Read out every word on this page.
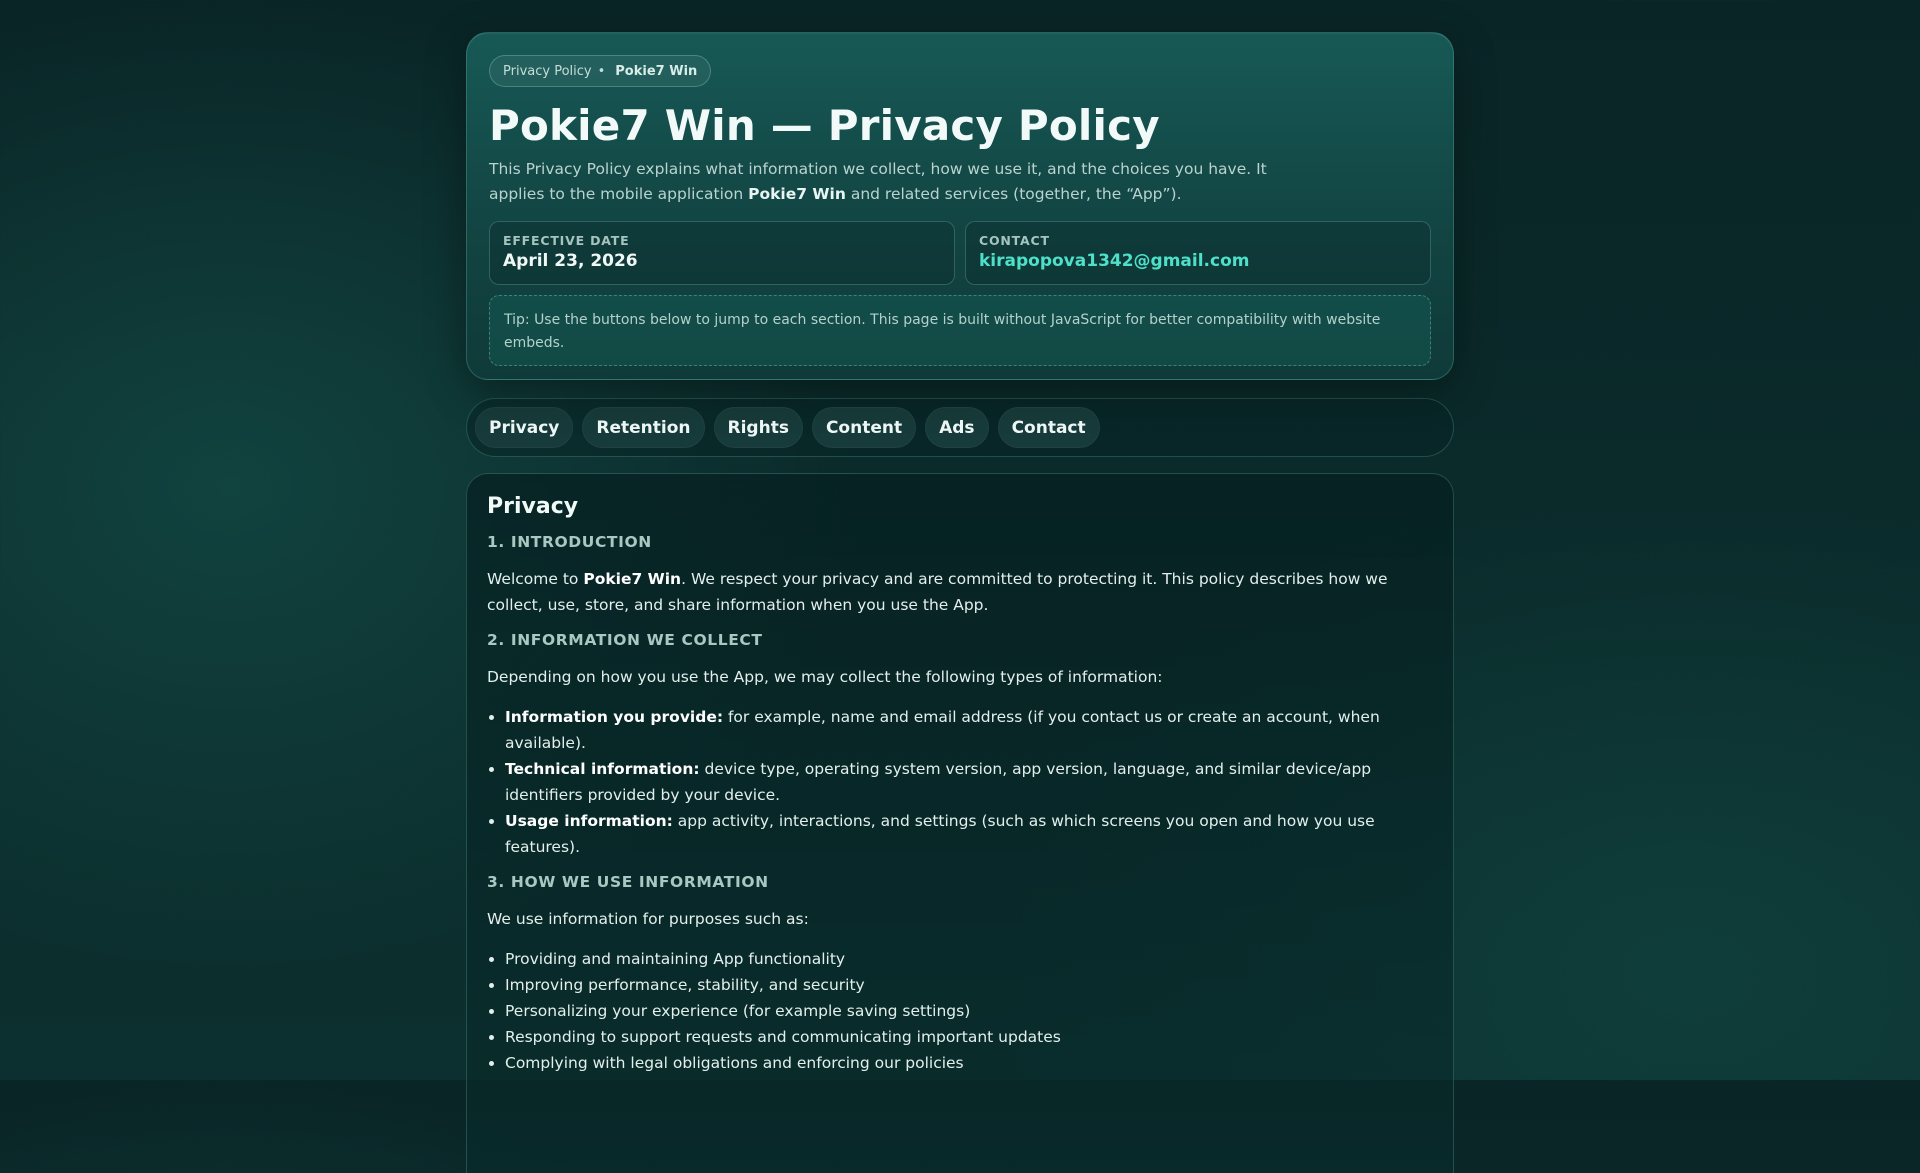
Privacy Policy • Pokie7 Win
Pokie7 Win — Privacy Policy

This Privacy Policy explains what information we collect, how we use it, and the choices you have. It applies to the mobile application Pokie7 Win and related services (together, the “App”).

EFFECTIVE DATE
April 23, 2026
CONTACT
kirapopova1342@gmail.com
Tip: Use the buttons below to jump to each section. This page is built without JavaScript for better compatibility with website embeds.
Privacy	Retention	Rights	Content	Ads	Contact
Privacy
1. INTRODUCTION

Welcome to Pokie7 Win. We respect your privacy and are committed to protecting it. This policy describes how we collect, use, store, and share information when you use the App.

2. INFORMATION WE COLLECT

Depending on how you use the App, we may collect the following types of information:

• Information you provide: for example, name and email address (if you contact us or create an account, when available).
• Technical information: device type, operating system version, app version, language, and similar device/app identifiers provided by your device.
• Usage information: app activity, interactions, and settings (such as which screens you open and how you use features).
3. HOW WE USE INFORMATION

We use information for purposes such as:

• Providing and maintaining App functionality
• Improving performance, stability, and security
• Personalizing your experience (for example saving settings)
• Responding to support requests and communicating important updates
• Complying with legal obligations and enforcing our policies
